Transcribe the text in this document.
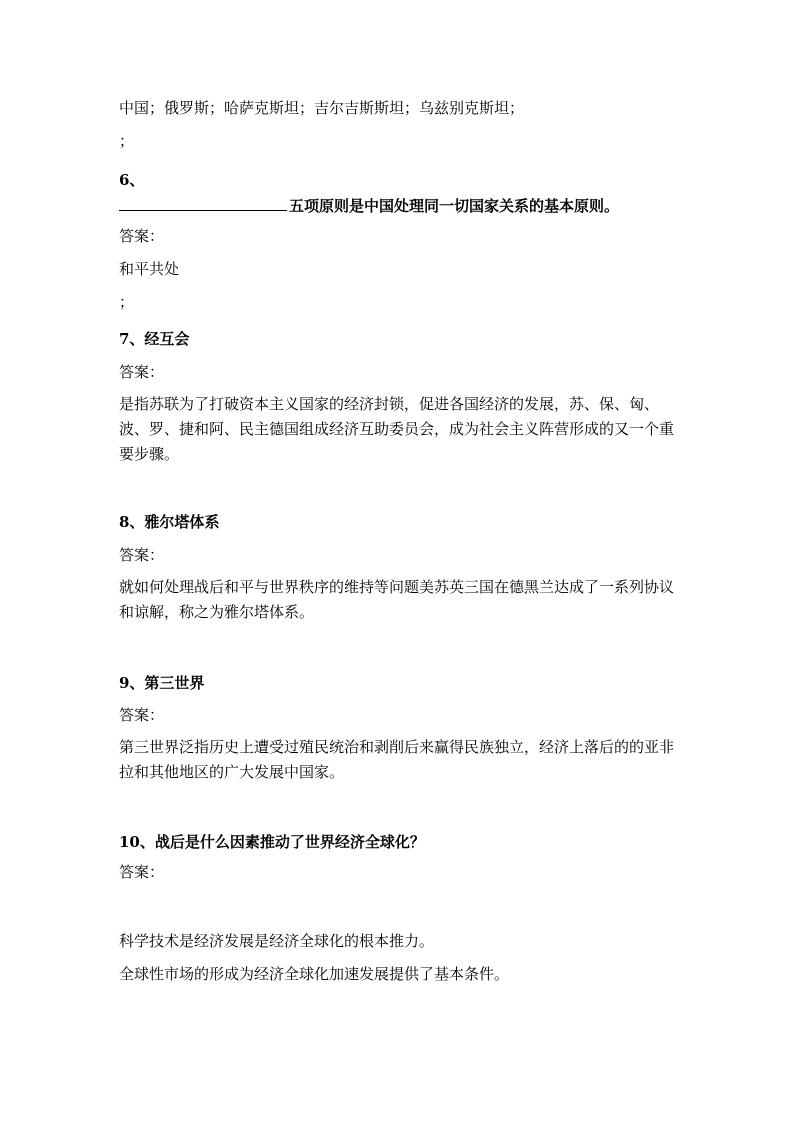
中国；俄罗斯；哈萨克斯坦；吉尔吉斯斯坦；乌兹别克斯坦；

；

6、

五项原则是中国处理同一切国家关系的基本原则。

答案：

和平共处

；

7、经互会

答案：

是指苏联为了打破资本主义国家的经济封锁，促进各国经济的发展，苏、保、匈、波、罗、捷和阿、民主德国组成经济互助委员会，成为社会主义阵营形成的又一个重要步骤。

8、雅尔塔体系

答案：

就如何处理战后和平与世界秩序的维持等问题美苏英三国在德黑兰达成了一系列协议和谅解，称之为雅尔塔体系。

9、第三世界

答案：

第三世界泛指历史上遭受过殖民统治和剥削后来赢得民族独立，经济上落后的的亚非拉和其他地区的广大发展中国家。

10、战后是什么因素推动了世界经济全球化？

答案：

科学技术是经济发展是经济全球化的根本推力。

全球性市场的形成为经济全球化加速发展提供了基本条件。
